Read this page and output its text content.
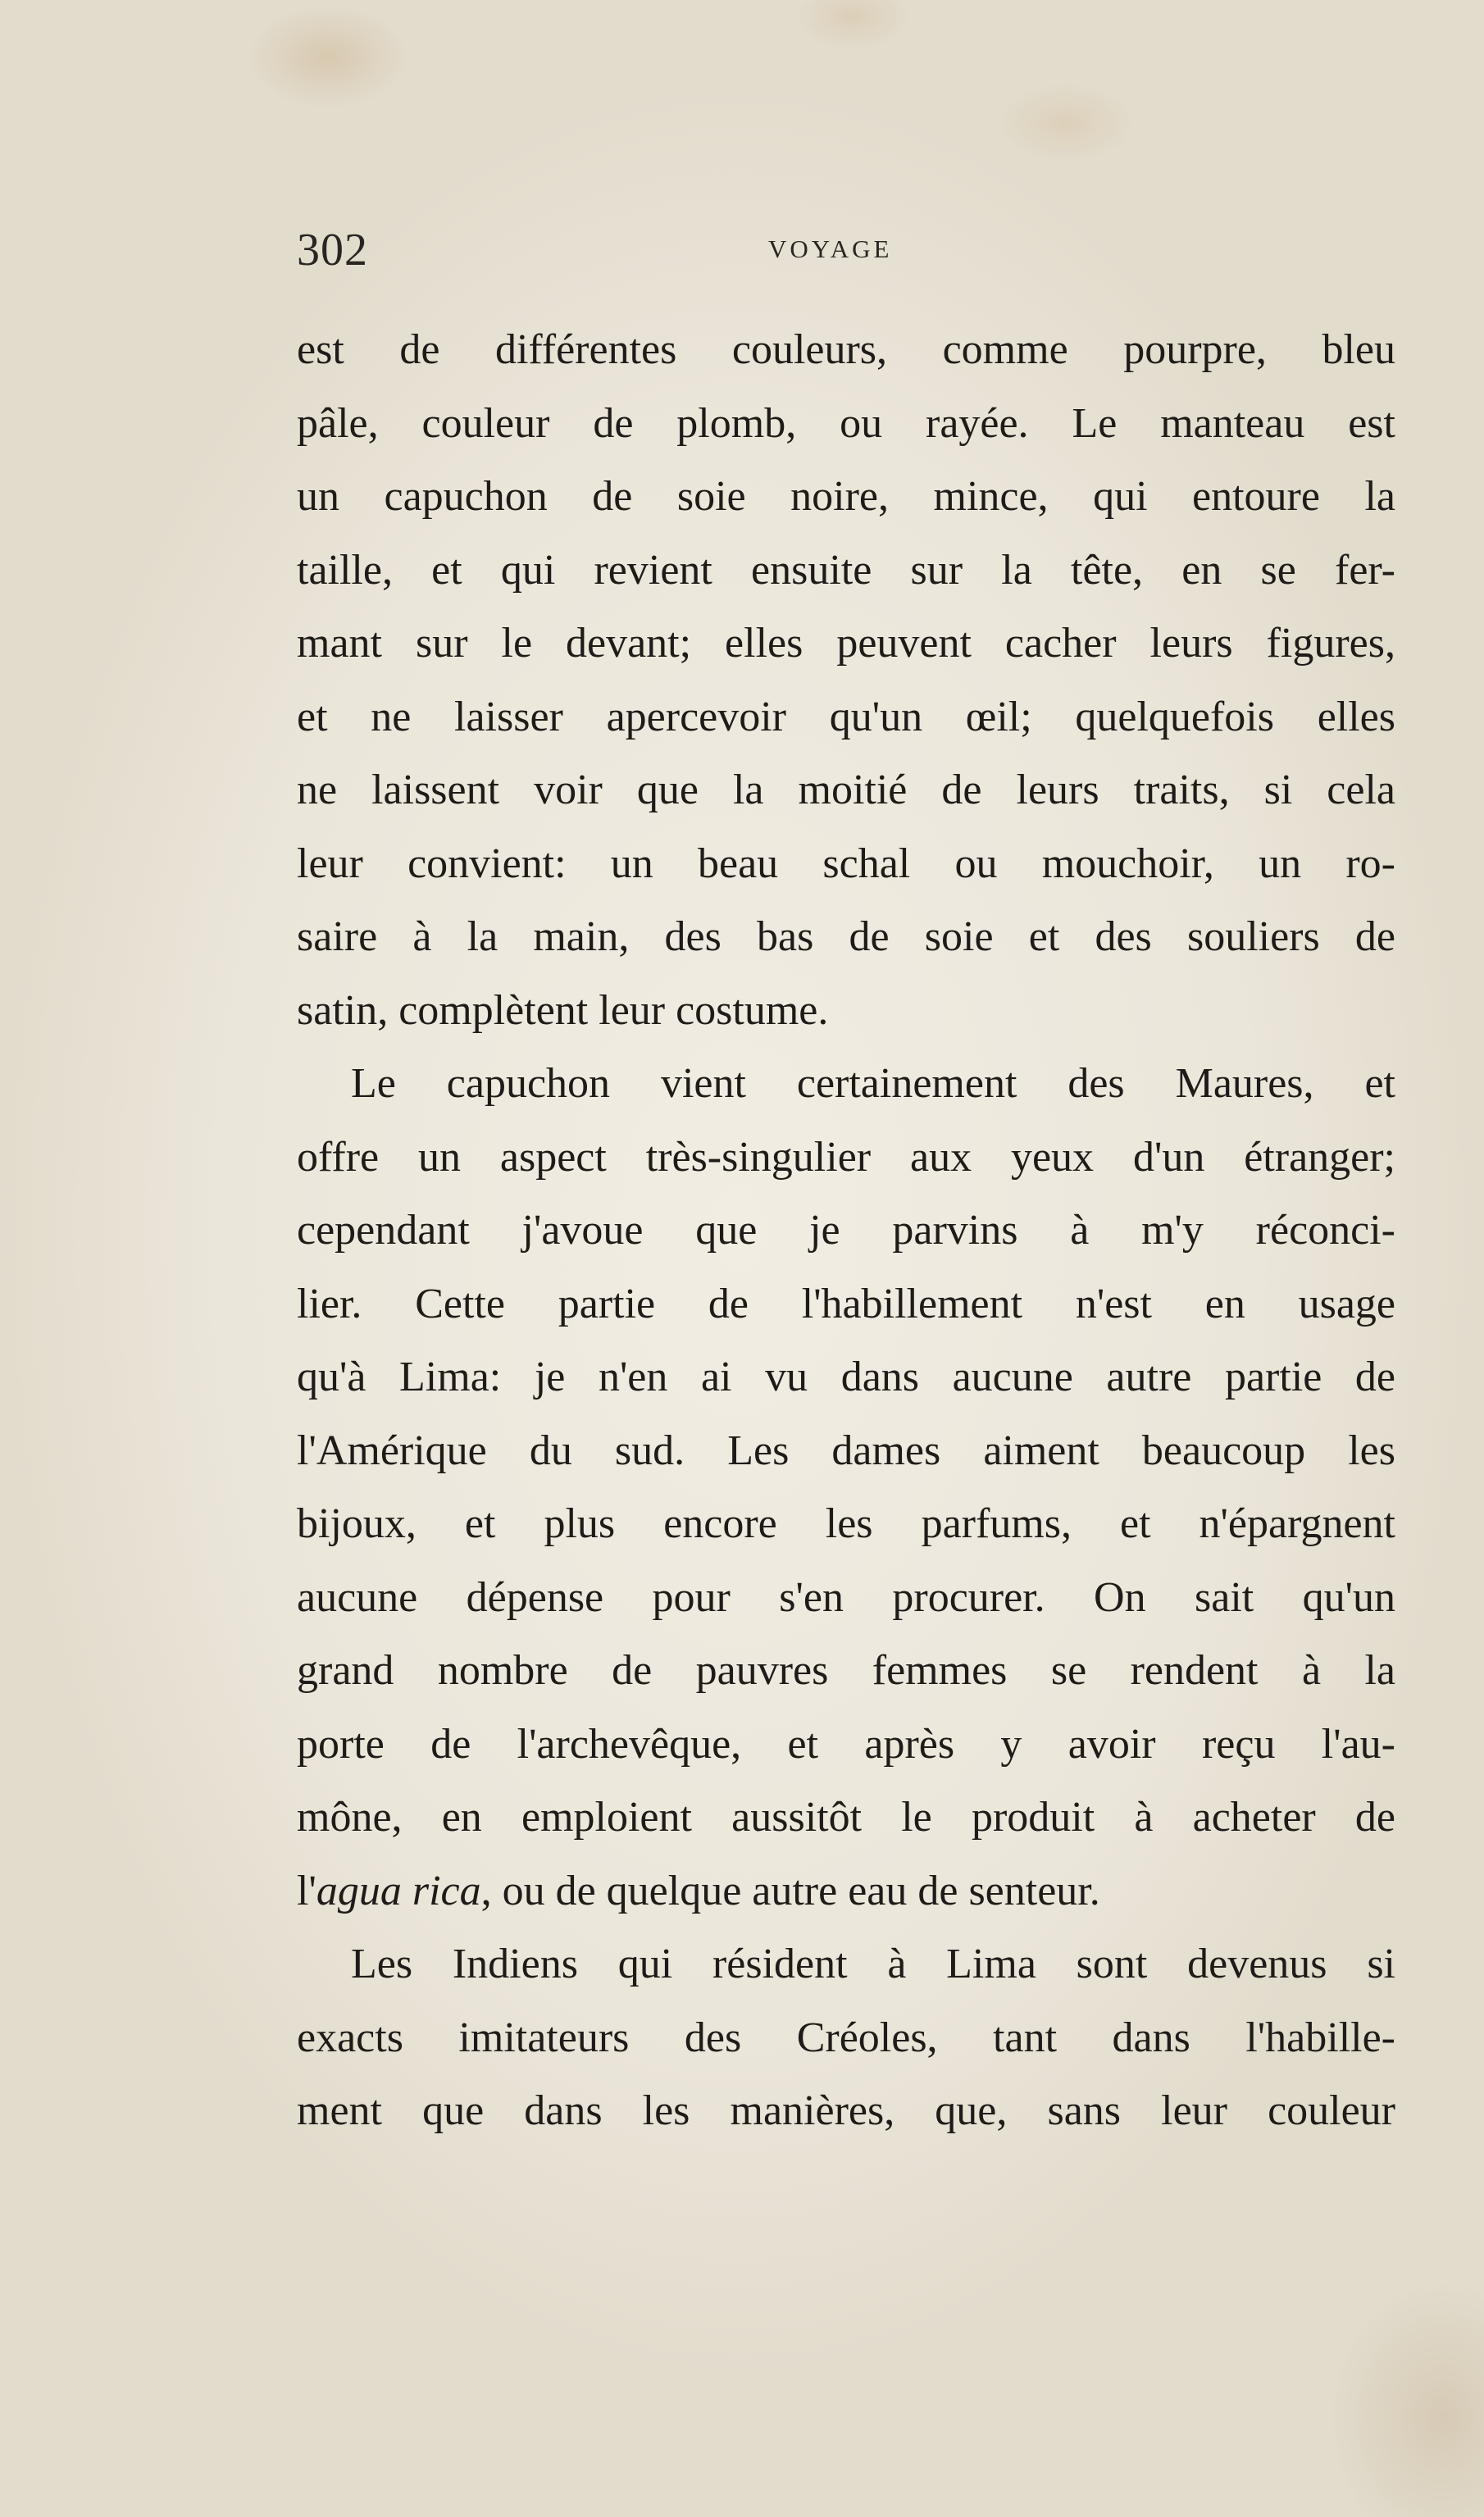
302	VOYAGE
est de différentes couleurs, comme pourpre, bleu
pâle, couleur de plomb, ou rayée. Le manteau est
un capuchon de soie noire, mince, qui entoure la
taille, et qui revient ensuite sur la tête, en se fer-
mant sur le devant; elles peuvent cacher leurs figures,
et ne laisser apercevoir qu'un œil; quelquefois elles
ne laissent voir que la moitié de leurs traits, si cela
leur convient: un beau schal ou mouchoir, un ro-
saire à la main, des bas de soie et des souliers de
satin, complètent leur costume.
Le capuchon vient certainement des Maures, et
offre un aspect très-singulier aux yeux d'un étranger;
cependant j'avoue que je parvins à m'y réconci-
lier. Cette partie de l'habillement n'est en usage
qu'à Lima: je n'en ai vu dans aucune autre partie de
l'Amérique du sud. Les dames aiment beaucoup les
bijoux, et plus encore les parfums, et n'épargnent
aucune dépense pour s'en procurer. On sait qu'un
grand nombre de pauvres femmes se rendent à la
porte de l'archevêque, et après y avoir reçu l'au-
mône, en emploient aussitôt le produit à acheter de
l'agua rica, ou de quelque autre eau de senteur.
Les Indiens qui résident à Lima sont devenus si
exacts imitateurs des Créoles, tant dans l'habille-
ment que dans les manières, que, sans leur couleur
